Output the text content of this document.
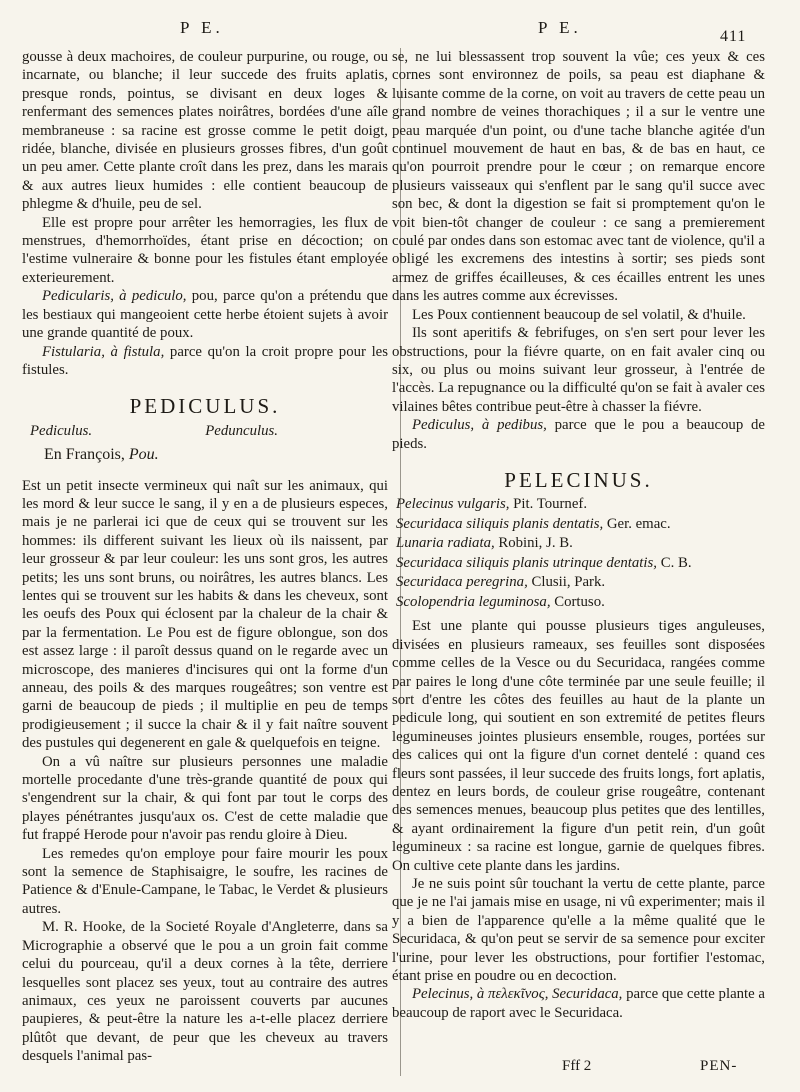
P E.	P E.	411

gousse à deux machoires, de couleur purpurine, ou rouge, ou incarnate, ou blanche; il leur succede des fruits aplatis, presque ronds, pointus, se divisant en deux loges & renfermant des semences plates noirâtres, bordées d'une aîle membraneuse : sa racine est grosse comme le petit doigt, ridée, blanche, divisée en plusieurs grosses fibres, d'un goût un peu amer. Cette plante croît dans les prez, dans les marais & aux autres lieux humides : elle contient beaucoup de phlegme & d'huile, peu de sel.

Elle est propre pour arrêter les hemorragies, les flux de menstrues, d'hemorrhoïdes, étant prise en décoction; on l'estime vulneraire & bonne pour les fistules étant employée exterieurement.

Pedicularis, à pediculo, pou, parce qu'on a prétendu que les bestiaux qui mangeoient cette herbe étoient sujets à avoir une grande quantité de poux.

Fistularia, à fistula, parce qu'on la croit propre pour les fistules.

PEDICULUS.
Pediculus.	Pedunculus.
En François, Pou.

Est un petit insecte vermineux qui naît sur les animaux, qui les mord & leur succe le sang, il y en a de plusieurs especes, mais je ne parlerai ici que de ceux qui se trouvent sur les hommes: ils different suivant les lieux où ils naissent, par leur grosseur & par leur couleur: les uns sont gros, les autres petits; les uns sont bruns, ou noirâtres, les autres blancs. Les lentes qui se trouvent sur les habits & dans les cheveux, sont les oeufs des Poux qui éclosent par la chaleur de la chair & par la fermentation. Le Pou est de figure oblongue, son dos est assez large : il paroît dessus quand on le regarde avec un microscope, des manieres d'incisures qui ont la forme d'un anneau, des poils & des marques rougeâtres; son ventre est garni de beaucoup de pieds ; il multiplie en peu de temps prodigieusement ; il succe la chair & il y fait naître souvent des pustules qui degenerent en gale & quelquefois en teigne.

On a vû naître sur plusieurs personnes une maladie mortelle procedante d'une très-grande quantité de poux qui s'engendrent sur la chair, & qui font par tout le corps des playes pénétrantes jusqu'aux os. C'est de cette maladie que fut frappé Herode pour n'avoir pas rendu gloire à Dieu.

Les remedes qu'on employe pour faire mourir les poux sont la semence de Staphisaigre, le soufre, les racines de Patience & d'Enule-Campane, le Tabac, le Verdet & plusieurs autres.

M. R. Hooke, de la Societé Royale d'Angleterre, dans sa Micrographie a observé que le pou a un groin fait comme celui du pourceau, qu'il a deux cornes à la tête, derriere lesquelles sont placez ses yeux, tout au contraire des autres animaux, ces yeux ne paroissent couverts par aucunes paupieres, & peut-être la nature les a-t-elle placez derriere plûtôt que devant, de peur que les cheveux au travers desquels l'animal pas-

se, ne lui blessassent trop souvent la vûe; ces yeux & ces cornes sont environnez de poils, sa peau est diaphane & luisante comme de la corne, on voit au travers de cette peau un grand nombre de veines thorachiques ; il a sur le ventre une peau marquée d'un point, ou d'une tache blanche agitée d'un continuel mouvement de haut en bas, & de bas en haut, ce qu'on pourroit prendre pour le cœur ; on remarque encore plusieurs vaisseaux qui s'enflent par le sang qu'il succe avec son bec, & dont la digestion se fait si promptement qu'on le voit bien-tôt changer de couleur : ce sang a premierement coulé par ondes dans son estomac avec tant de violence, qu'il a obligé les excremens des intestins à sortir; ses pieds sont armez de griffes écailleuses, & ces écailles entrent les unes dans les autres comme aux écrevisses.

Les Poux contiennent beaucoup de sel volatil, & d'huile.

Ils sont aperitifs & febrifuges, on s'en sert pour lever les obstructions, pour la fiévre quarte, on en fait avaler cinq ou six, ou plus ou moins suivant leur grosseur, à l'entrée de l'accès. La repugnance ou la difficulté qu'on se fait à avaler ces vilaines bêtes contribue peut-être à chasser la fiévre.

Pediculus, à pedibus, parce que le pou a beaucoup de pieds.

PELECINUS.
Pelecinus vulgaris, Pit. Tournef.
Securidaca siliquis planis dentatis, Ger. emac.
Lunaria radiata, Robini, J. B.
Securidaca siliquis planis utrinque dentatis, C. B.
Securidaca peregrina, Clusii, Park.
Scolopendria leguminosa, Cortuso.

Est une plante qui pousse plusieurs tiges anguleuses, divisées en plusieurs rameaux, ses feuilles sont disposées comme celles de la Vesce ou du Securidaca, rangées comme par paires le long d'une côte terminée par une seule feuille; il sort d'entre les côtes des feuilles au haut de la plante un pedicule long, qui soutient en son extremité de petites fleurs legumineuses jointes plusieurs ensemble, rouges, portées sur des calices qui ont la figure d'un cornet dentelé : quand ces fleurs sont passées, il leur succede des fruits longs, fort aplatis, dentez en leurs bords, de couleur grise rougeâtre, contenant des semences menues, beaucoup plus petites que des lentilles, & ayant ordinairement la figure d'un petit rein, d'un goût legumineux : sa racine est longue, garnie de quelques fibres. On cultive cete plante dans les jardins.

Je ne suis point sûr touchant la vertu de cette plante, parce que je ne l'ai jamais mise en usage, ni vû experimenter; mais il y a bien de l'apparence qu'elle a la même qualité que le Securidaca, & qu'on peut se servir de sa semence pour exciter l'urine, pour lever les obstructions, pour fortifier l'estomac, étant prise en poudre ou en decoction.

Pelecinus, à πελεκῖνος, Securidaca, parce que cette plante a beaucoup de raport avec le Securidaca.

Fff 2	PEN-
